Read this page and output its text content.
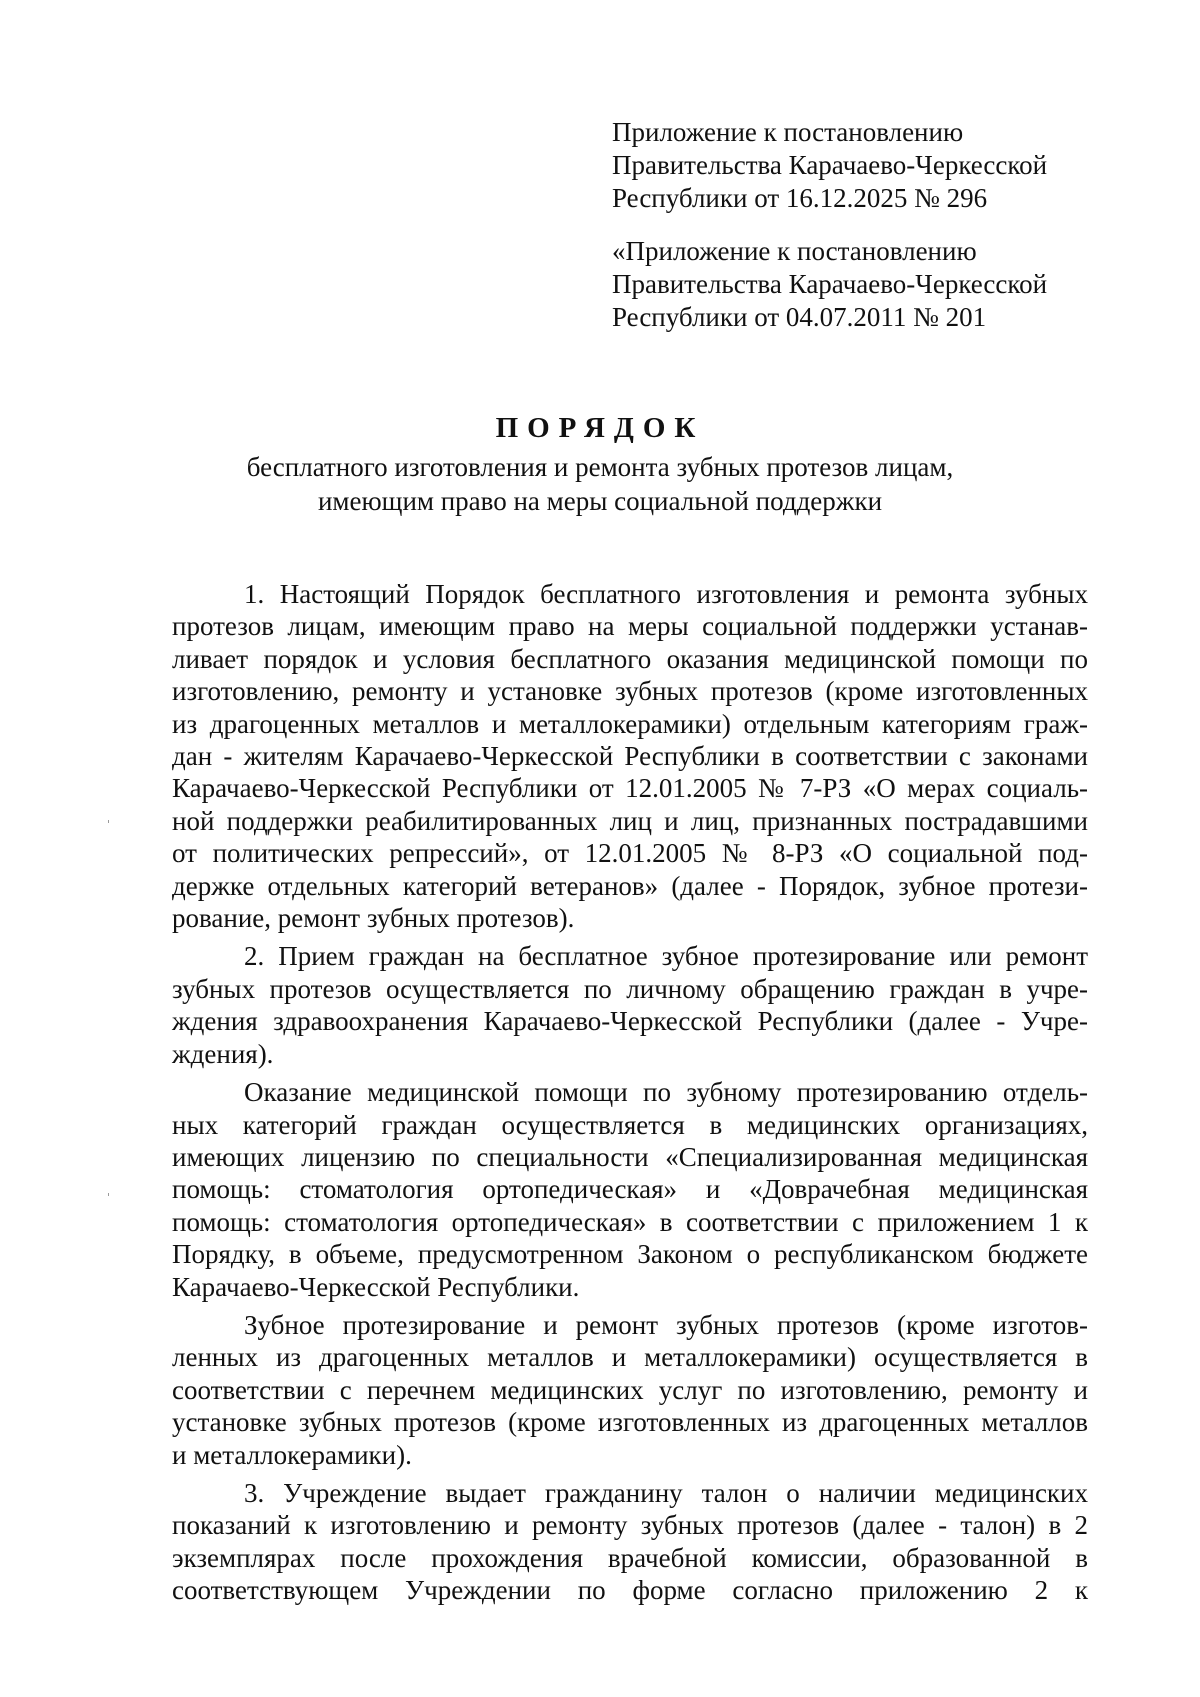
Приложение к постановлению
Правительства Карачаево-Черкесской
Республики от 16.12.2025 № 296
«Приложение к постановлению
Правительства Карачаево-Черкесской
Республики от 04.07.2011 № 201
ПОРЯДОК
бесплатного изготовления и ремонта зубных протезов лицам,
имеющим право на меры социальной поддержки
1. Настоящий Порядок бесплатного изготовления и ремонта зубных
протезов лицам, имеющим право на меры социальной поддержки устанав-
ливает порядок и условия бесплатного оказания медицинской помощи по
изготовлению, ремонту и установке зубных протезов (кроме изготовленных
из драгоценных металлов и металлокерамики) отдельным категориям граж-
дан - жителям Карачаево-Черкесской Республики в соответствии с законами
Карачаево-Черкесской Республики от 12.01.2005 № 7-РЗ «О мерах социаль-
ной поддержки реабилитированных лиц и лиц, признанных пострадавшими
от политических репрессий», от 12.01.2005 № 8-РЗ «О социальной под-
держке отдельных категорий ветеранов» (далее - Порядок, зубное протези-
рование, ремонт зубных протезов).
2. Прием граждан на бесплатное зубное протезирование или ремонт
зубных протезов осуществляется по личному обращению граждан в учре-
ждения здравоохранения Карачаево-Черкесской Республики (далее - Учре-
ждения).
Оказание медицинской помощи по зубному протезированию отдель-
ных категорий граждан осуществляется в медицинских организациях,
имеющих лицензию по специальности «Специализированная медицинская
помощь: стоматология ортопедическая» и «Доврачебная медицинская
помощь: стоматология ортопедическая» в соответствии с приложением 1 к
Порядку, в объеме, предусмотренном Законом о республиканском бюджете
Карачаево-Черкесской Республики.
Зубное протезирование и ремонт зубных протезов (кроме изготов-
ленных из драгоценных металлов и металлокерамики) осуществляется в
соответствии с перечнем медицинских услуг по изготовлению, ремонту и
установке зубных протезов (кроме изготовленных из драгоценных металлов
и металлокерамики).
3. Учреждение выдает гражданину талон о наличии медицинских
показаний к изготовлению и ремонту зубных протезов (далее - талон) в 2
экземплярах после прохождения врачебной комиссии, образованной в
соответствующем Учреждении по форме согласно приложению 2 к
